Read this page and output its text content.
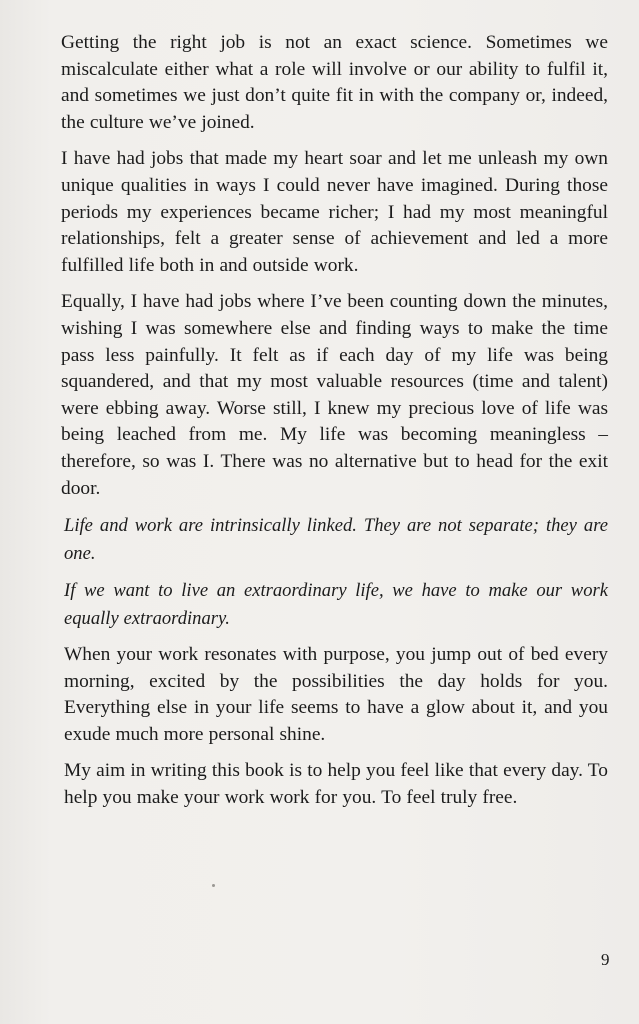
Getting the right job is not an exact science. Sometimes we miscalculate either what a role will involve or our ability to fulfil it, and sometimes we just don’t quite fit in with the company or, indeed, the culture we’ve joined.

I have had jobs that made my heart soar and let me unleash my own unique qualities in ways I could never have imagined. During those periods my experiences became richer; I had my most meaningful relationships, felt a greater sense of achievement and led a more fulfilled life both in and outside work.

Equally, I have had jobs where I’ve been counting down the minutes, wishing I was somewhere else and finding ways to make the time pass less painfully. It felt as if each day of my life was being squandered, and that my most valuable resources (time and talent) were ebbing away. Worse still, I knew my precious love of life was being leached from me. My life was becoming meaningless – therefore, so was I. There was no alternative but to head for the exit door.

Life and work are intrinsically linked. They are not separate; they are one.

If we want to live an extraordinary life, we have to make our work equally extraordinary.

When your work resonates with purpose, you jump out of bed every morning, excited by the possibilities the day holds for you. Everything else in your life seems to have a glow about it, and you exude much more personal shine.

My aim in writing this book is to help you feel like that every day. To help you make your work work for you. To feel truly free.

9
